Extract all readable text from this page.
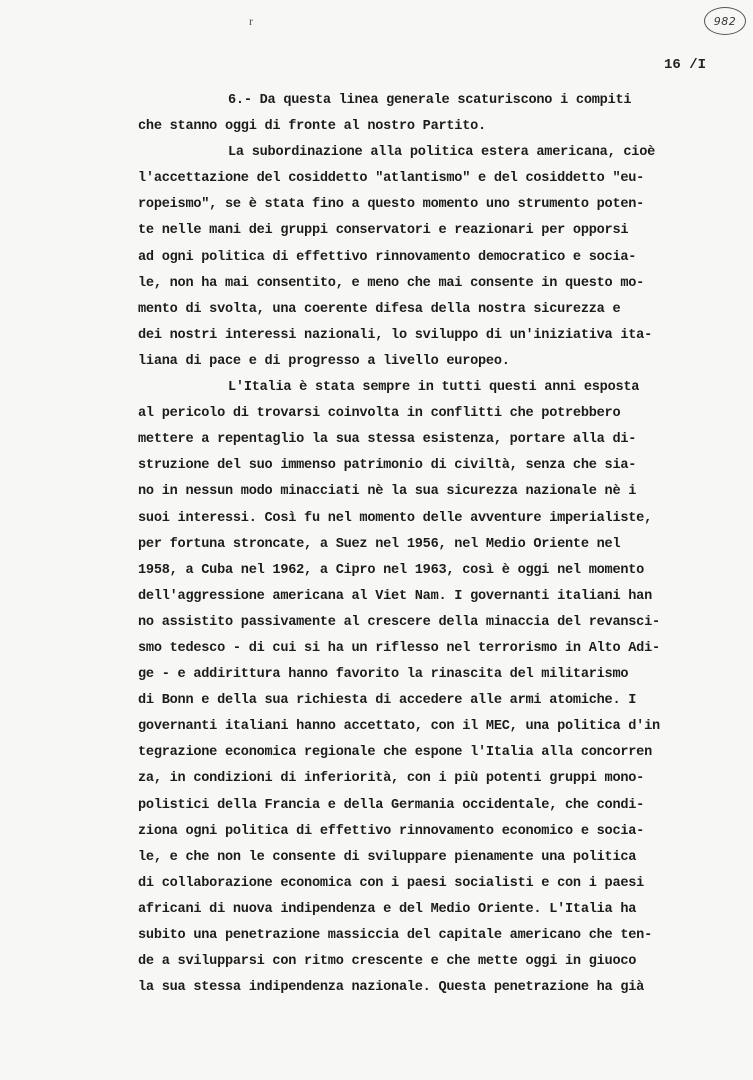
982
r
16 /I
6.- Da questa linea generale scaturiscono i compiti
che stanno oggi di fronte al nostro Partito.
La subordinazione alla politica estera americana, cioè
l'accettazione del cosiddetto "atlantismo" e del cosiddetto "eu-
ropeismo", se è stata fino a questo momento uno strumento poten-
te nelle mani dei gruppi conservatori e reazionari per opporsi
ad ogni politica di effettivo rinnovamento democratico e socia-
le, non ha mai consentito, e meno che mai consente in questo mo-
mento di svolta, una coerente difesa della nostra sicurezza e
dei nostri interessi nazionali, lo sviluppo di un'iniziativa ita-
liana di pace e di progresso a livello europeo.
L'Italia è stata sempre in tutti questi anni esposta
al pericolo di trovarsi coinvolta in conflitti che potrebbero
mettere a repentaglio la sua stessa esistenza, portare alla di-
struzione del suo immenso patrimonio di civiltà, senza che sia-
no in nessun modo minacciati nè la sua sicurezza nazionale nè i
suoi interessi. Così fu nel momento delle avventure imperialiste,
per fortuna stroncate, a Suez nel 1956, nel Medio Oriente nel
1958, a Cuba nel 1962, a Cipro nel 1963, così è oggi nel momento
dell'aggressione americana al Viet Nam. I governanti italiani han
no assistito passivamente al crescere della minaccia del revansci-
smo tedesco - di cui si ha un riflesso nel terrorismo in Alto Adi-
ge - e addirittura hanno favorito la rinascita del militarismo
di Bonn e della sua richiesta di accedere alle armi atomiche. I
governanti italiani hanno accettato, con il MEC, una politica d'in
tegrazione economica regionale che espone l'Italia alla concorren
za, in condizioni di inferiorità, con i più potenti gruppi mono-
polistici della Francia e della Germania occidentale, che condi-
ziona ogni politica di effettivo rinnovamento economico e socia-
le, e che non le consente di sviluppare pienamente una politica
di collaborazione economica con i paesi socialisti e con i paesi
africani di nuova indipendenza e del Medio Oriente. L'Italia ha
subito una penetrazione massiccia del capitale americano che ten-
de a svilupparsi con ritmo crescente e che mette oggi in giuoco
la sua stessa indipendenza nazionale. Questa penetrazione ha già
